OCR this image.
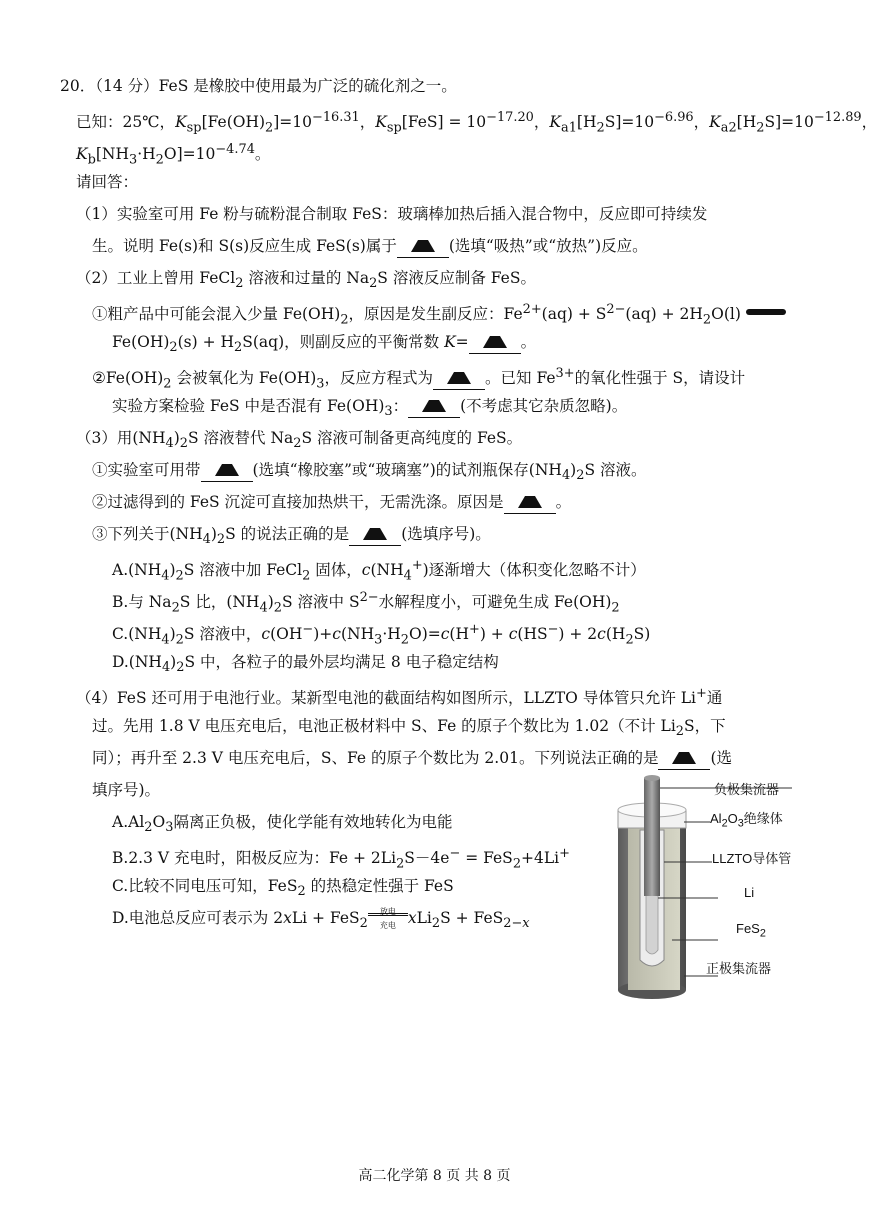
20．（14 分）FeS 是橡胶中使用最为广泛的硫化剂之一。
已知：25℃，$K_{sp}[Fe(OH)_2]=10^{-16.31}$，$K_{sp}[FeS] = 10^{-17.20}$，$K_{a1}[H_2S]=10^{-6.96}$，$K_{a2}[H_2S]=10^{-12.89}$，
$K_b[NH_3\cdot H_2O]=10^{-4.74}$。
请回答：
（1）实验室可用 Fe 粉与硫粉混合制取 FeS：玻璃棒加热后插入混合物中，反应即可持续发
生。说明 Fe(s)和 S(s)反应生成 FeS(s)属于	(选填“吸热”或“放热”)反应。
（2）工业上曾用 FeCl$_2$ 溶液和过量的 $Na_2S$ 溶液反应制备 FeS。
①粗产品中可能会混入少量 $Fe(OH)_2$，原因是发生副反应：$Fe^{2+}(aq) + S^{2-}(aq) + 2H_2O(l)$
$Fe(OH)_2(s) + H_2S(aq)$，则副反应的平衡常数 K=	。
$②Fe(OH)_2$ 会被氧化为 $Fe(OH)_3$，反应方程式为	。已知 $Fe^{3+}$的氧化性强于 S，请设计
实验方案检验 FeS 中是否混有 $Fe(OH)_3$：	(不考虑其它杂质忽略)。
（3）用$(NH_4)_2S$ 溶液替代 $Na_2S$ 溶液可制备更高纯度的 FeS。
①实验室可用带	(选填“橡胶塞”或“玻璃塞”)的试剂瓶保存$(NH_4)_2S$ 溶液。
②过滤得到的 FeS 沉淀可直接加热烘干，无需洗涤。原因是	。
③下列关于$(NH_4)_2S$ 的说法正确的是	(选填序号)。
$A.(NH_4)_2S$ 溶液中加 FeCl$_2$ 固体，$c(NH_4^+)$逐渐增大（体积变化忽略不计）
B.与 $Na_2S$ 比，$(NH_4)_2S$ 溶液中 $S^{2-}$水解程度小，可避免生成 $Fe(OH)_2$
$C.(NH_4)_2S$ 溶液中，$c(OH^-)+c(NH_3\cdot H_2O)=c(H^+) + c(HS^-) + 2c(H_2S)$
$D.(NH_4)_2S$ 中，各粒子的最外层均满足 8 电子稳定结构
（4）FeS 还可用于电池行业。某新型电池的截面结构如图所示，LLZTO 导体管只允许 Li+通
过。先用 1.8 V 电压充电后，电池正极材料中 S、Fe 的原子个数比为 1.02（不计 $Li_2S$，下
同）；再升至 2.3 V 电压充电后，S、Fe 的原子个数比为 2.01。下列说法正确的是	(选
填序号)。
$A.Al_2O_3$隔离正负极，使化学能有效地转化为电能
B.2.3 V 充电时，阳极反应为：$Fe + 2Li_2S-4e^- = FeS_2+4Li^+$
C.比较不同电压可知，FeS$_2$ 的热稳定性强于 FeS
D.电池总反应可表示为 2xLi + FeS$_2$
放电
充电 xLi$_2$S + FeS$_{2-x}$
负极集流器
$Al_2O_3$绝缘体
LLZTO导体管
Li
FeS$_2$
正极集流器
高二化学第 8 页 共 8 页
